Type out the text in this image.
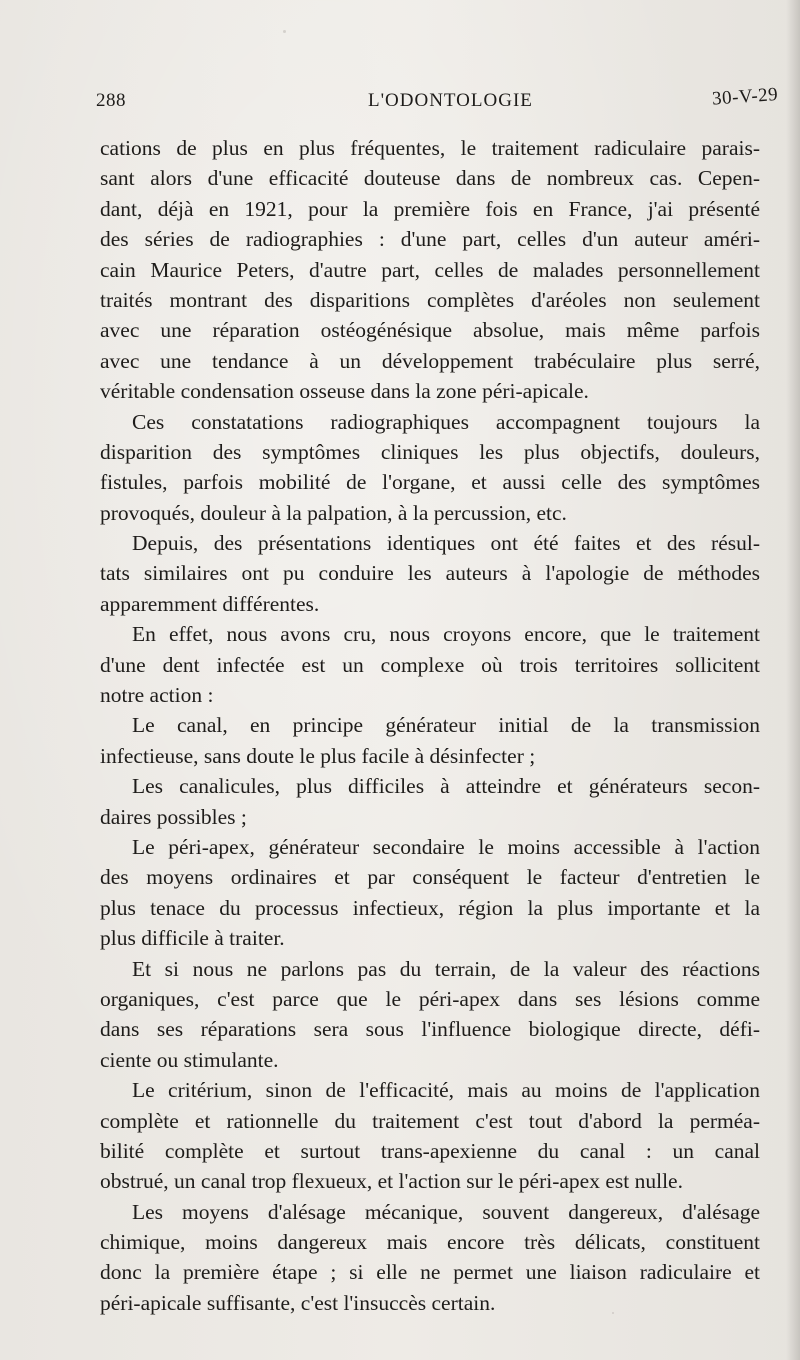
288	L'ODONTOLOGIE	30-V-29
cations de plus en plus fréquentes, le traitement radiculaire parais-
sant alors d'une efficacité douteuse dans de nombreux cas. Cepen-
dant, déjà en 1921, pour la première fois en France, j'ai présenté
des séries de radiographies : d'une part, celles d'un auteur améri-
cain Maurice Peters, d'autre part, celles de malades personnellement
traités montrant des disparitions complètes d'aréoles non seulement
avec une réparation ostéogénésique absolue, mais même parfois
avec une tendance à un développement trabéculaire plus serré,
véritable condensation osseuse dans la zone péri-apicale.
Ces constatations radiographiques accompagnent toujours la
disparition des symptômes cliniques les plus objectifs, douleurs,
fistules, parfois mobilité de l'organe, et aussi celle des symptômes
provoqués, douleur à la palpation, à la percussion, etc.
Depuis, des présentations identiques ont été faites et des résul-
tats similaires ont pu conduire les auteurs à l'apologie de méthodes
apparemment différentes.
En effet, nous avons cru, nous croyons encore, que le traitement
d'une dent infectée est un complexe où trois territoires sollicitent
notre action :
Le canal, en principe générateur initial de la transmission
infectieuse, sans doute le plus facile à désinfecter ;
Les canalicules, plus difficiles à atteindre et générateurs secon-
daires possibles ;
Le péri-apex, générateur secondaire le moins accessible à l'action
des moyens ordinaires et par conséquent le facteur d'entretien le
plus tenace du processus infectieux, région la plus importante et la
plus difficile à traiter.
Et si nous ne parlons pas du terrain, de la valeur des réactions
organiques, c'est parce que le péri-apex dans ses lésions comme
dans ses réparations sera sous l'influence biologique directe, défi-
ciente ou stimulante.
Le critérium, sinon de l'efficacité, mais au moins de l'application
complète et rationnelle du traitement c'est tout d'abord la perméa-
bilité complète et surtout trans-apexienne du canal : un canal
obstrué, un canal trop flexueux, et l'action sur le péri-apex est nulle.
Les moyens d'alésage mécanique, souvent dangereux, d'alésage
chimique, moins dangereux mais encore très délicats, constituent
donc la première étape ; si elle ne permet une liaison radiculaire et
péri-apicale suffisante, c'est l'insuccès certain.
